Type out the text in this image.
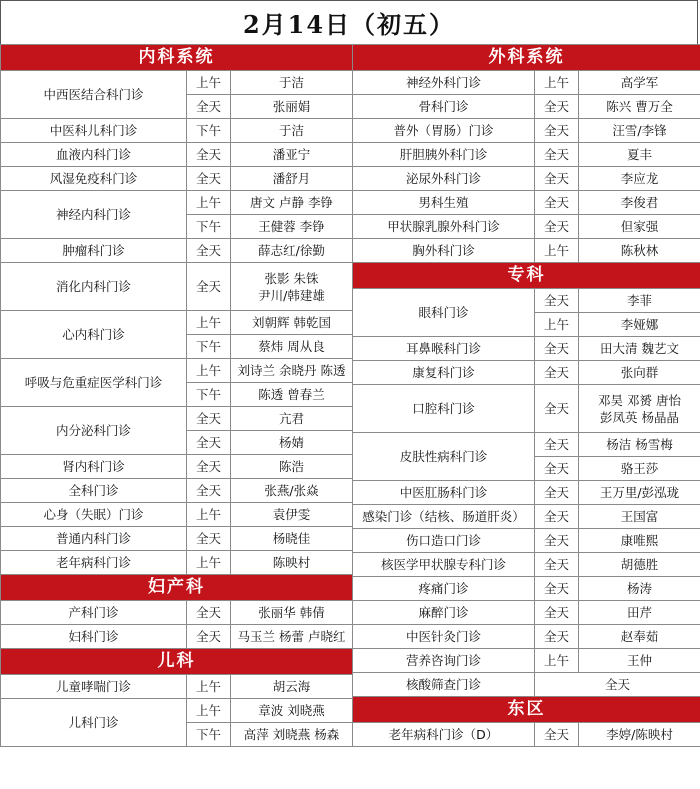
2月14日（初五）
内科系统		
中西医结合科门诊	上午	于洁
	全天	张丽娟
中医科儿科门诊	下午	于洁
血液内科门诊	全天	潘亚宁
风湿免疫科门诊	全天	潘舒月
神经内科门诊	上午	唐文 卢静 李铮
	下午	王健蓉 李铮
肿瘤科门诊	全天	薛志红/徐勤
消化内科门诊	全天	张影 朱铢
尹川/韩建雄

心内科门诊	上午	刘朝辉 韩乾国
	下午	蔡炜 周从良
呼吸与危重症医学科门诊	上午	刘诗兰 余晓丹 陈透
	下午	陈透 曾春兰
内分泌科门诊	全天	亢君
	全天	杨婧
肾内科门诊	全天	陈浩
全科门诊	全天	张燕/张焱
心身（失眠）门诊	上午	袁伊雯
普通内科门诊	全天	杨晓佳
老年病科门诊	上午	陈映村
妇产科		
产科门诊	全天	张丽华 韩倩
妇科门诊	全天	马玉兰 杨蕾 卢晓红
儿科		
儿童哮喘门诊	上午	胡云海
儿科门诊	上午	章波 刘晓燕
	下午	高萍 刘晓燕 杨森
外科系统		
神经外科门诊	上午	高学军
骨科门诊	全天	陈兴 曹万全
普外（胃肠）门诊	全天	汪雪/李锋
肝胆胰外科门诊	全天	夏丰
泌尿外科门诊	全天	李应龙
男科生殖	全天	李俊君
甲状腺乳腺外科门诊	全天	但家强
胸外科门诊	上午	陈秋林
专科		
眼科门诊	全天	李菲
	上午	李娅娜
耳鼻喉科门诊	全天	田大清 魏艺文
康复科门诊	全天	张向群
口腔科门诊	全天	邓昊 邓赟 唐怡
彭凤英 杨晶晶

皮肤性病科门诊	全天	杨洁 杨雪梅
	全天	骆王莎
中医肛肠科门诊	全天	王万里/彭泓珑
感染门诊（结核、肠道肝炎）	全天	王国富
伤口造口门诊	全天	康唯熙
核医学甲状腺专科门诊	全天	胡德胜
疼痛门诊	全天	杨涛
麻醉门诊	全天	田芹
中医针灸门诊	全天	赵奉茹
营养咨询门诊	上午	王仲
核酸筛查门诊	全天	
东区		
老年病科门诊（D）	全天	李婷/陈映村
